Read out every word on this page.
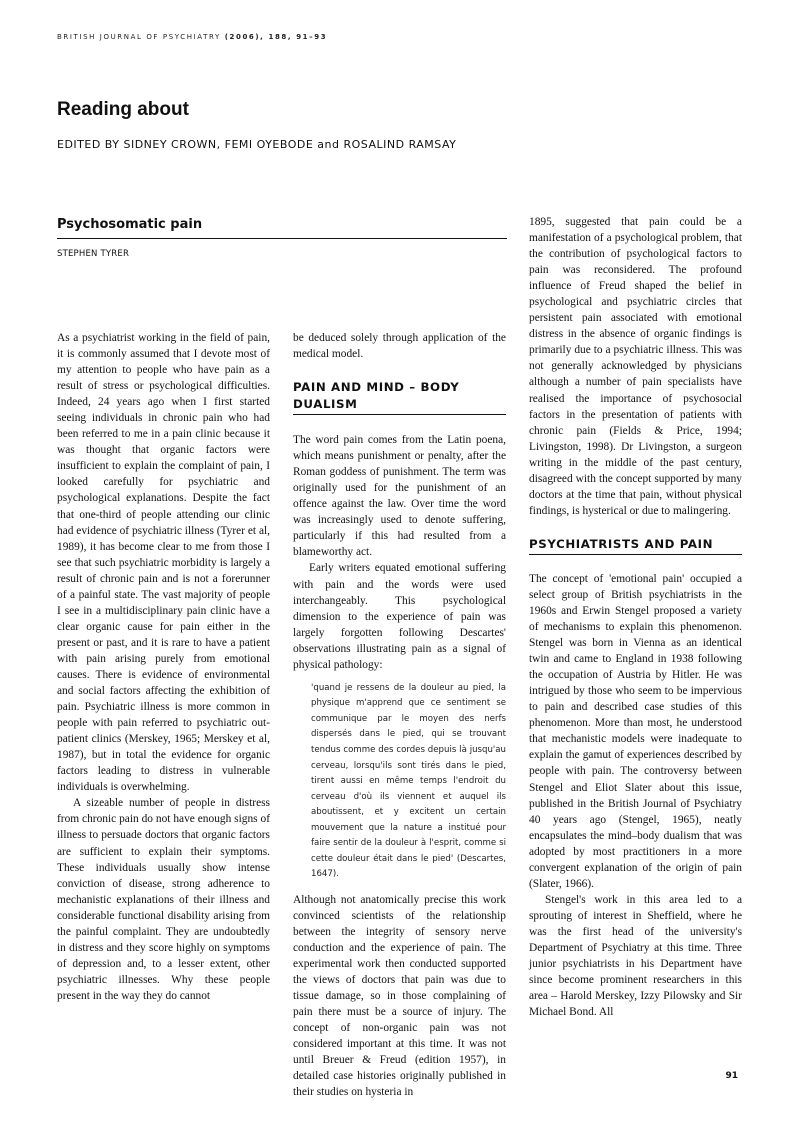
BRITISH JOURNAL OF PSYCHIATRY (2006), 188, 91–93
Reading about
EDITED BY SIDNEY CROWN, FEMI OYEBODE and ROSALIND RAMSAY
Psychosomatic pain
STEPHEN TYRER

As a psychiatrist working in the field of pain, it is commonly assumed that I devote most of my attention to people who have pain as a result of stress or psychological difficulties. Indeed, 24 years ago when I first started seeing individuals in chronic pain who had been referred to me in a pain clinic because it was thought that organic factors were insufficient to explain the complaint of pain, I looked carefully for psychiatric and psychological explanations. Despite the fact that one-third of people attending our clinic had evidence of psychiatric illness (Tyrer et al, 1989), it has become clear to me from those I see that such psychiatric morbidity is largely a result of chronic pain and is not a forerunner of a painful state. The vast majority of people I see in a multidisciplinary pain clinic have a clear organic cause for pain either in the present or past, and it is rare to have a patient with pain arising purely from emotional causes. There is evidence of environmental and social factors affecting the exhibition of pain. Psychiatric illness is more common in people with pain referred to psychiatric out-patient clinics (Merskey, 1965; Merskey et al, 1987), but in total the evidence for organic factors leading to distress in vulnerable individuals is overwhelming.

A sizeable number of people in distress from chronic pain do not have enough signs of illness to persuade doctors that organic factors are sufficient to explain their symptoms. These individuals usually show intense conviction of disease, strong adherence to mechanistic explanations of their illness and considerable functional disability arising from the painful complaint. They are undoubtedly in distress and they score highly on symptoms of depression and, to a lesser extent, other psychiatric illnesses. Why these people present in the way they do cannot

be deduced solely through application of the medical model.

PAIN AND MIND – BODY DUALISM

The word pain comes from the Latin poena, which means punishment or penalty, after the Roman goddess of punishment. The term was originally used for the punishment of an offence against the law. Over time the word was increasingly used to denote suffering, particularly if this had resulted from a blameworthy act.

Early writers equated emotional suffering with pain and the words were used interchangeably. This psychological dimension to the experience of pain was largely forgotten following Descartes' observations illustrating pain as a signal of physical pathology:

'quand je ressens de la douleur au pied, la physique m'apprend que ce sentiment se communique par le moyen des nerfs dispersés dans le pied, qui se trouvant tendus comme des cordes depuis là jusqu'au cerveau, lorsqu'ils sont tirés dans le pied, tirent aussi en même temps l'endroit du cerveau d'où ils viennent et auquel ils aboutissent, et y excitent un certain mouvement que la nature a institué pour faire sentir de la douleur à l'esprit, comme si cette douleur était dans le pied' (Descartes, 1647).

Although not anatomically precise this work convinced scientists of the relationship between the integrity of sensory nerve conduction and the experience of pain. The experimental work then conducted supported the views of doctors that pain was due to tissue damage, so in those complaining of pain there must be a source of injury. The concept of non-organic pain was not considered important at this time. It was not until Breuer & Freud (edition 1957), in detailed case histories originally published in their studies on hysteria in

1895, suggested that pain could be a manifestation of a psychological problem, that the contribution of psychological factors to pain was reconsidered. The profound influence of Freud shaped the belief in psychological and psychiatric circles that persistent pain associated with emotional distress in the absence of organic findings is primarily due to a psychiatric illness. This was not generally acknowledged by physicians although a number of pain specialists have realised the importance of psychosocial factors in the presentation of patients with chronic pain (Fields & Price, 1994; Livingston, 1998). Dr Livingston, a surgeon writing in the middle of the past century, disagreed with the concept supported by many doctors at the time that pain, without physical findings, is hysterical or due to malingering.

PSYCHIATRISTS AND PAIN

The concept of 'emotional pain' occupied a select group of British psychiatrists in the 1960s and Erwin Stengel proposed a variety of mechanisms to explain this phenomenon. Stengel was born in Vienna as an identical twin and came to England in 1938 following the occupation of Austria by Hitler. He was intrigued by those who seem to be impervious to pain and described case studies of this phenomenon. More than most, he understood that mechanistic models were inadequate to explain the gamut of experiences described by people with pain. The controversy between Stengel and Eliot Slater about this issue, published in the British Journal of Psychiatry 40 years ago (Stengel, 1965), neatly encapsulates the mind–body dualism that was adopted by most practitioners in a more convergent explanation of the origin of pain (Slater, 1966).

Stengel's work in this area led to a sprouting of interest in Sheffield, where he was the first head of the university's Department of Psychiatry at this time. Three junior psychiatrists in his Department have since become prominent researchers in this area – Harold Merskey, Izzy Pilowsky and Sir Michael Bond. All

91
